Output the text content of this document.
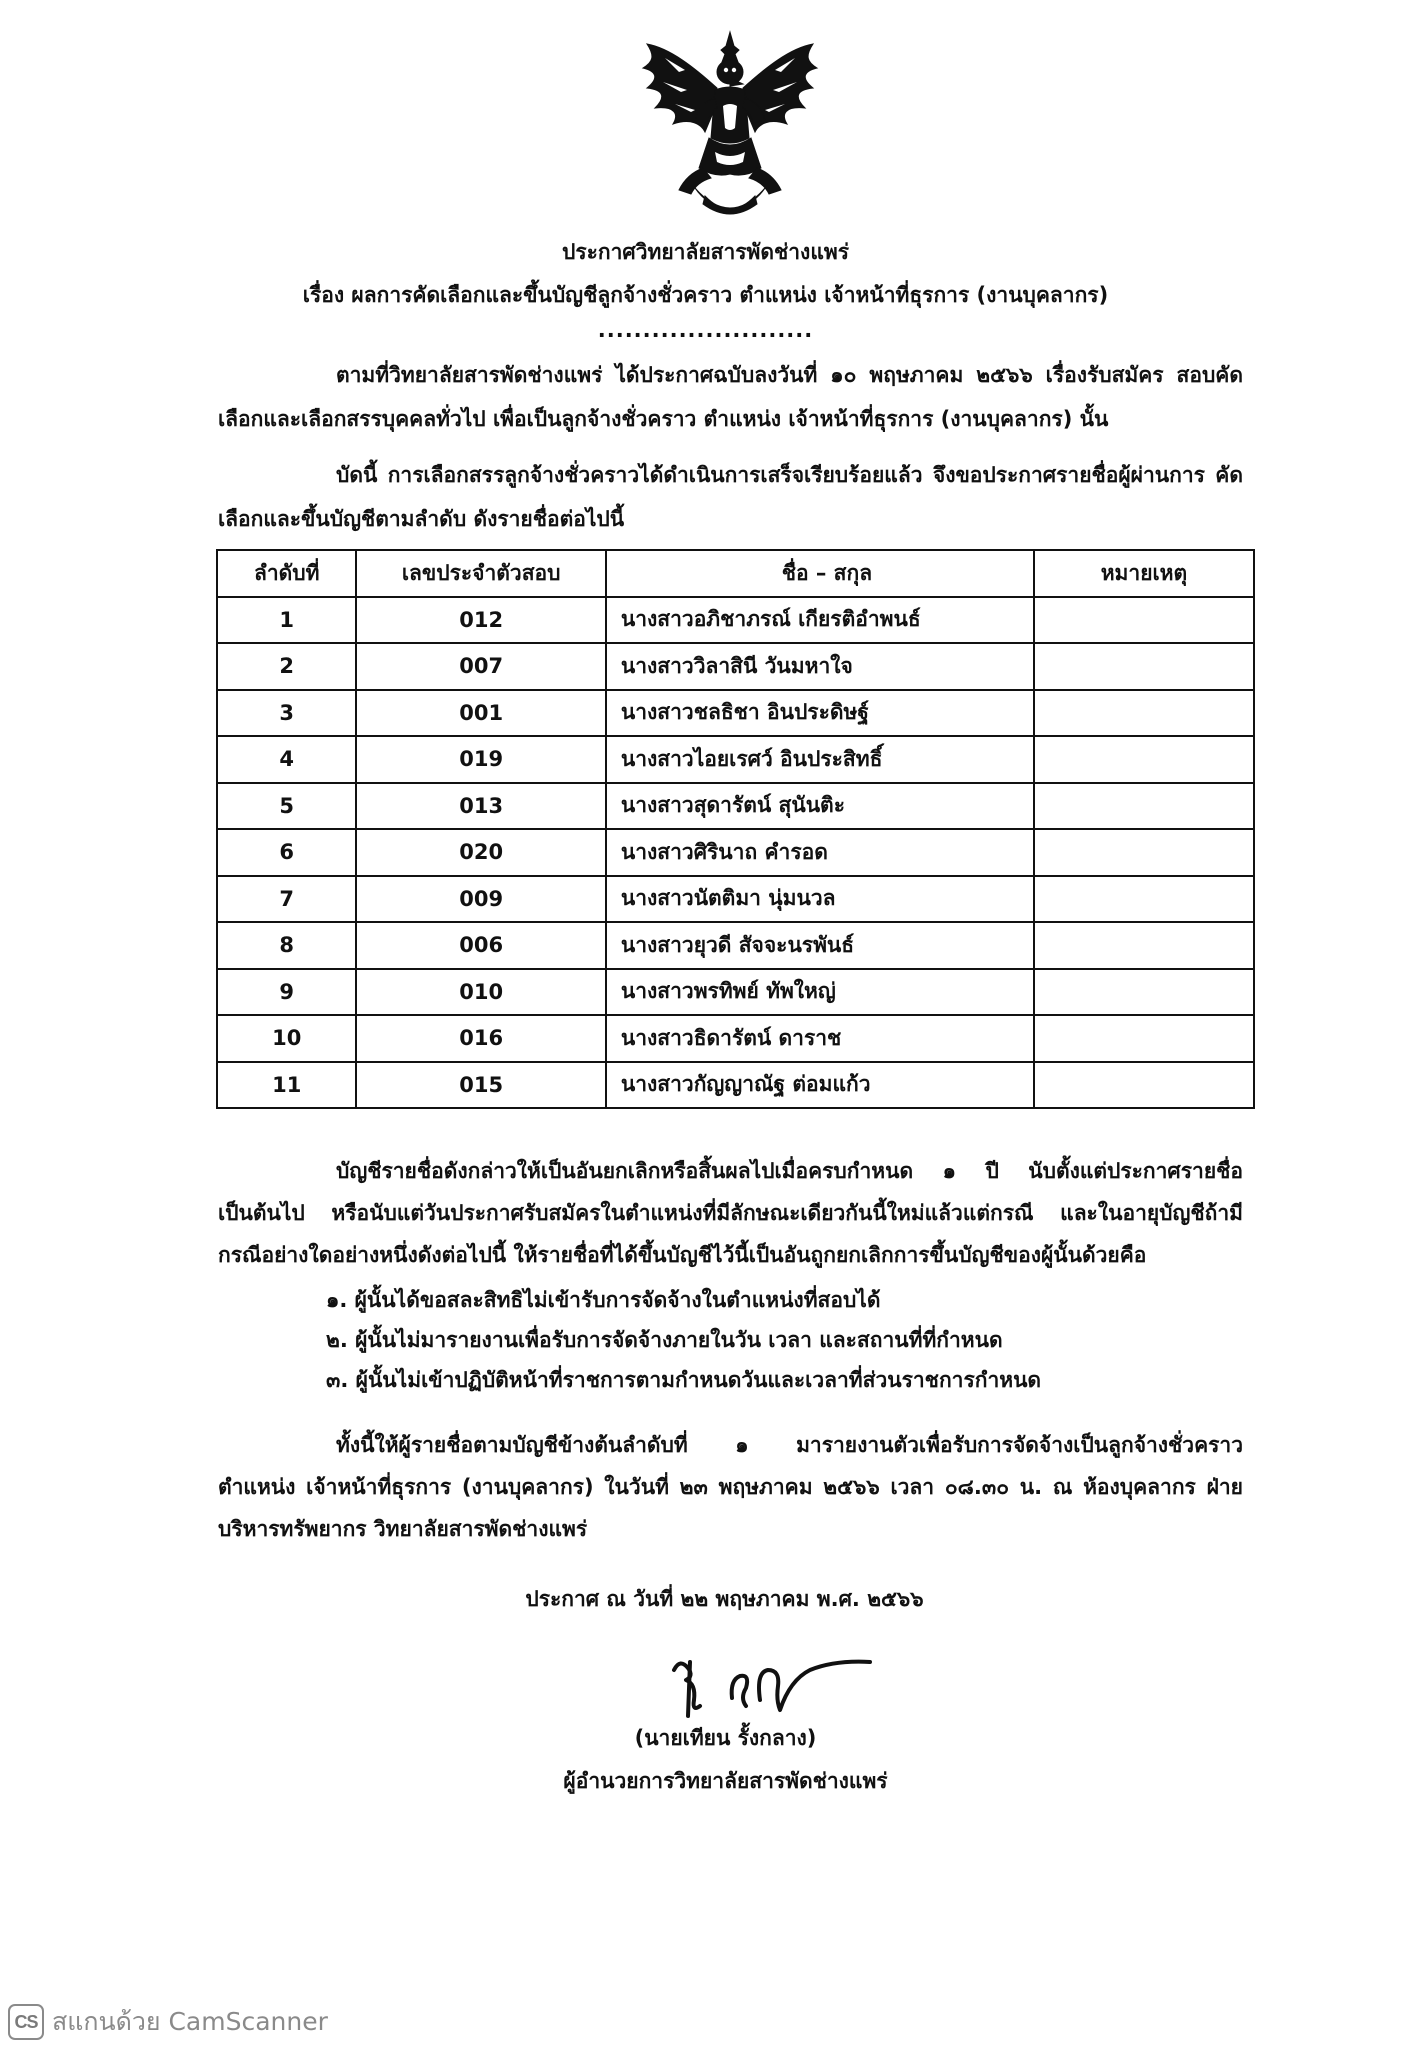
ประกาศวิทยาลัยสารพัดช่างแพร่
เรื่อง ผลการคัดเลือกและขึ้นบัญชีลูกจ้างชั่วคราว ตำแหน่ง เจ้าหน้าที่ธุรการ (งานบุคลากร)
........................
ตามที่วิทยาลัยสารพัดช่างแพร่ ได้ประกาศฉบับลงวันที่ ๑๐ พฤษภาคม ๒๕๖๖ เรื่องรับสมัคร สอบคัดเลือกและเลือกสรรบุคคลทั่วไป เพื่อเป็นลูกจ้างชั่วคราว ตำแหน่ง เจ้าหน้าที่ธุรการ (งานบุคลากร) นั้น
บัดนี้ การเลือกสรรลูกจ้างชั่วคราวได้ดำเนินการเสร็จเรียบร้อยแล้ว จึงขอประกาศรายชื่อผู้ผ่านการ คัดเลือกและขึ้นบัญชีตามลำดับ ดังรายชื่อต่อไปนี้
ลำดับที่	เลขประจำตัวสอบ	ชื่อ – สกุล	หมายเหตุ
1	012	นางสาวอภิชาภรณ์ เกียรติอำพนธ์	
2	007	นางสาววิลาสินี วันมหาใจ	
3	001	นางสาวชลธิชา อินประดิษฐ์	
4	019	นางสาวไอยเรศว์ อินประสิทธิ์	
5	013	นางสาวสุดารัตน์ สุนันติะ	
6	020	นางสาวศิรินาถ คำรอด	
7	009	นางสาวนัตติมา นุ่มนวล	
8	006	นางสาวยุวดี สัจจะนรพันธ์	
9	010	นางสาวพรทิพย์ ทัพใหญ่	
10	016	นางสาวธิดารัตน์ ดาราช	
11	015	นางสาวกัญญาณัฐ ต่อมแก้ว	
บัญชีรายชื่อดังกล่าวให้เป็นอันยกเลิกหรือสิ้นผลไปเมื่อครบกำหนด ๑ ปี นับตั้งแต่ประกาศรายชื่อ เป็นต้นไป หรือนับแต่วันประกาศรับสมัครในตำแหน่งที่มีลักษณะเดียวกันนี้ใหม่แล้วแต่กรณี และในอายุบัญชีถ้ามี กรณีอย่างใดอย่างหนึ่งดังต่อไปนี้ ให้รายชื่อที่ได้ขึ้นบัญชีไว้นี้เป็นอันถูกยกเลิกการขึ้นบัญชีของผู้นั้นด้วยคือ
๑. ผู้นั้นได้ขอสละสิทธิไม่เข้ารับการจัดจ้างในตำแหน่งที่สอบได้
๒. ผู้นั้นไม่มารายงานเพื่อรับการจัดจ้างภายในวัน เวลา และสถานที่ที่กำหนด
๓. ผู้นั้นไม่เข้าปฏิบัติหน้าที่ราชการตามกำหนดวันและเวลาที่ส่วนราชการกำหนด
ทั้งนี้ให้ผู้รายชื่อตามบัญชีข้างต้นลำดับที่ ๑ มารายงานตัวเพื่อรับการจัดจ้างเป็นลูกจ้างชั่วคราว ตำแหน่ง เจ้าหน้าที่ธุรการ (งานบุคลากร) ในวันที่ ๒๓ พฤษภาคม ๒๕๖๖ เวลา ๐๘.๓๐ น. ณ ห้องบุคลากร ฝ่ายบริหารทรัพยากร วิทยาลัยสารพัดช่างแพร่
ประกาศ ณ วันที่ ๒๒ พฤษภาคม พ.ศ. ๒๕๖๖
(นายเทียน รั้งกลาง)
ผู้อำนวยการวิทยาลัยสารพัดช่างแพร่
CS สแกนด้วย CamScanner
